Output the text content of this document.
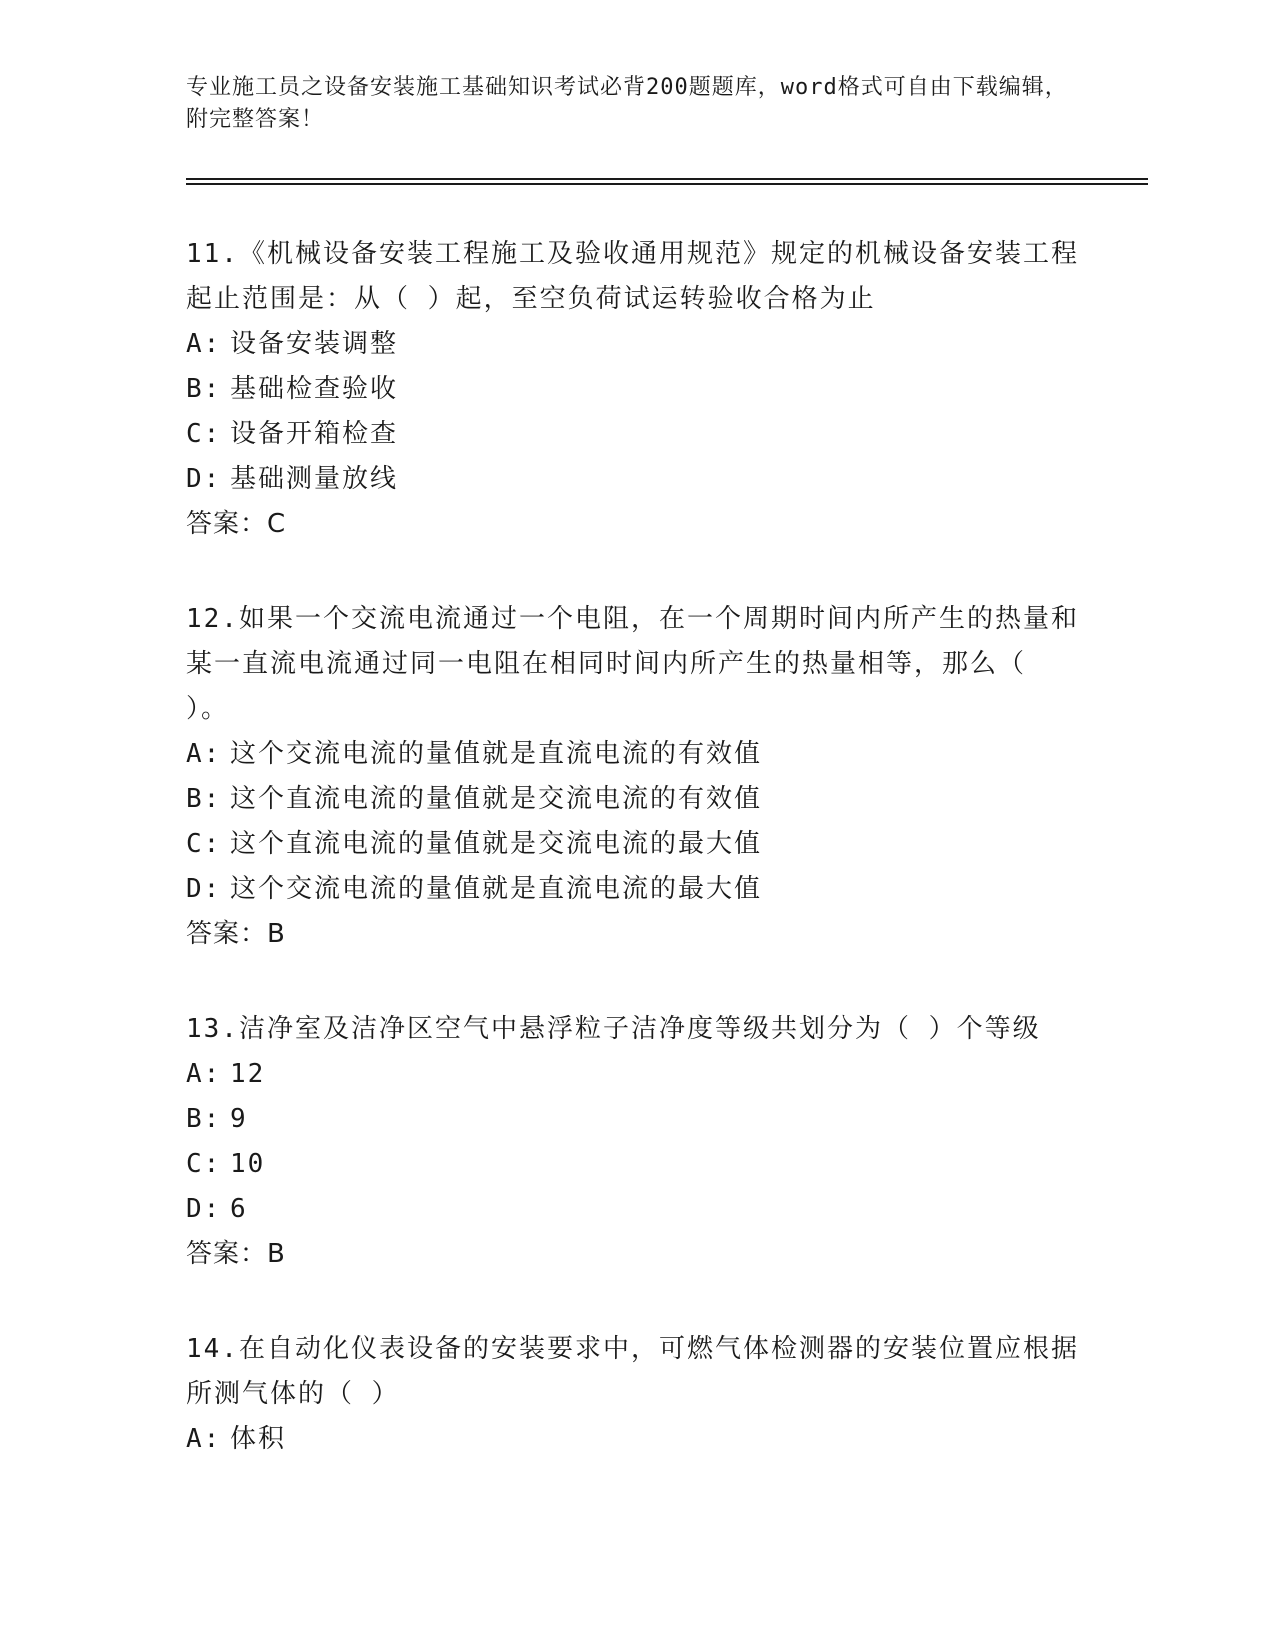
专业施工员之设备安装施工基础知识考试必背200题题库，word格式可自由下载编辑，附完整答案！
11.《机械设备安装工程施工及验收通用规范》规定的机械设备安装工程起止范围是：从（ ）起，至空负荷试运转验收合格为止
A: 设备安装调整
B: 基础检查验收
C: 设备开箱检查
D: 基础测量放线
答案：C
12.如果一个交流电流通过一个电阻，在一个周期时间内所产生的热量和某一直流电流通过同一电阻在相同时间内所产生的热量相等，那么（ ）。
A: 这个交流电流的量值就是直流电流的有效值
B: 这个直流电流的量值就是交流电流的有效值
C: 这个直流电流的量值就是交流电流的最大值
D: 这个交流电流的量值就是直流电流的最大值
答案：B
13.洁净室及洁净区空气中悬浮粒子洁净度等级共划分为（ ）个等级
A: 12
B: 9
C: 10
D: 6
答案：B
14.在自动化仪表设备的安装要求中，可燃气体检测器的安装位置应根据所测气体的（ ）
A: 体积
